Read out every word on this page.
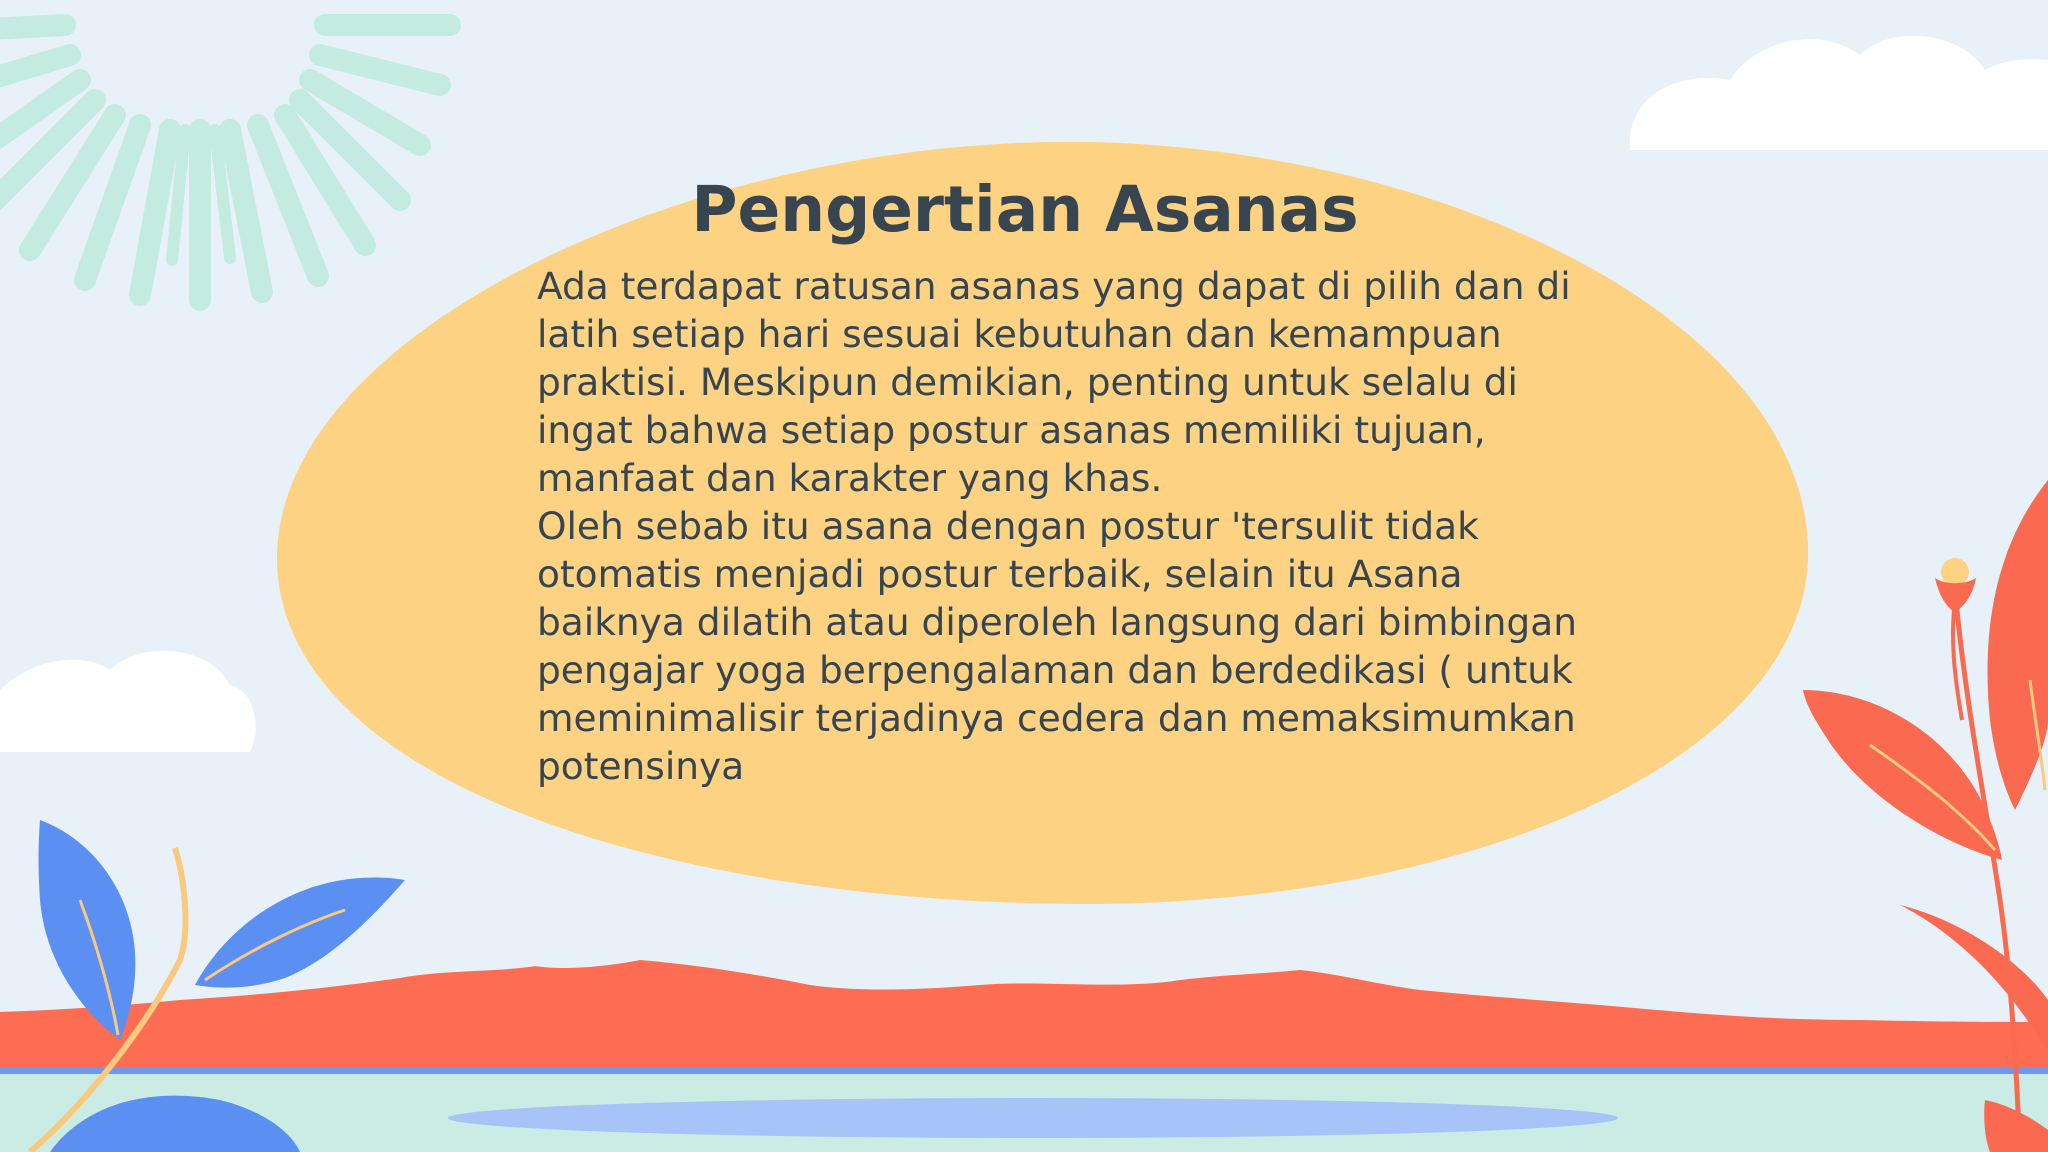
Pengertian Asanas

Ada terdapat ratusan asanas yang dapat di pilih dan di latih setiap hari sesuai kebutuhan dan kemampuan praktisi. Meskipun demikian, penting untuk selalu di ingat bahwa setiap postur asanas memiliki tujuan, manfaat dan karakter yang khas.

Oleh sebab itu asana dengan postur 'tersulit tidak otomatis menjadi postur terbaik, selain itu Asana baiknya dilatih atau diperoleh langsung dari bimbingan pengajar yoga berpengalaman dan berdedikasi ( untuk meminimalisir terjadinya cedera dan memaksimumkan potensinya
